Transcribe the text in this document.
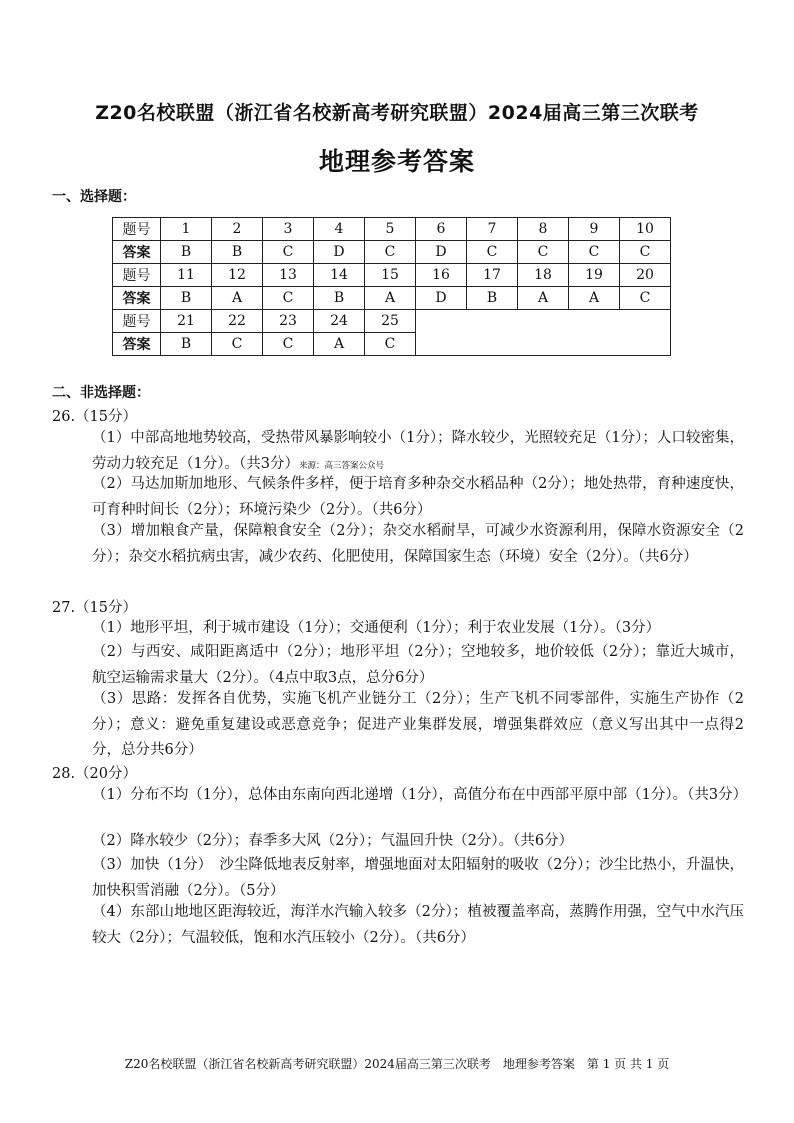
Z20名校联盟（浙江省名校新高考研究联盟）2024届高三第三次联考
地理参考答案
一、选择题：
题号	1	2	3	4	5	6	7	8	9	10
答案	B	B	C	D	C	D	C	C	C	C
题号	11	12	13	14	15	16	17	18	19	20
答案	B	A	C	B	A	D	B	A	A	C
题号	21	22	23	24	25					
答案	B	C	C	A	C					
二、非选择题：
26.（15分）
（1）中部高地地势较高，受热带风暴影响较小（1分）；降水较少，光照较充足（1分）；人口较密集，劳动力较充足（1分）。（共3分）来源：高三答案公众号
（2）马达加斯加地形、气候条件多样，便于培育多种杂交水稻品种（2分）；地处热带，育种速度快，可育种时间长（2分）；环境污染少（2分）。（共6分）
（3）增加粮食产量，保障粮食安全（2分）；杂交水稻耐旱，可减少水资源利用，保障水资源安全（2分）；杂交水稻抗病虫害，减少农药、化肥使用，保障国家生态（环境）安全（2分）。（共6分）
27.（15分）
（1）地形平坦，利于城市建设（1分）；交通便利（1分）；利于农业发展（1分）。（3分）
（2）与西安、咸阳距离适中（2分）；地形平坦（2分）；空地较多，地价较低（2分）；靠近大城市，航空运输需求量大（2分）。（4点中取3点，总分6分）
（3）思路：发挥各自优势，实施飞机产业链分工（2分）；生产飞机不同零部件，实施生产协作（2分）；意义：避免重复建设或恶意竞争；促进产业集群发展，增强集群效应（意义写出其中一点得2分，总分共6分）
28.（20分）
（1）分布不均（1分），总体由东南向西北递增（1分），高值分布在中西部平原中部（1分）。（共3分）
（2）降水较少（2分）；春季多大风（2分）；气温回升快（2分）。（共6分）
（3）加快（1分）　沙尘降低地表反射率，增强地面对太阳辐射的吸收（2分）；沙尘比热小，升温快，加快积雪消融（2分）。（5分）
（4）东部山地地区距海较近，海洋水汽输入较多（2分）；植被覆盖率高，蒸腾作用强，空气中水汽压较大（2分）；气温较低，饱和水汽压较小（2分）。（共6分）
Z20名校联盟（浙江省名校新高考研究联盟）2024届高三第三次联考　地理参考答案　第 1 页 共 1 页
